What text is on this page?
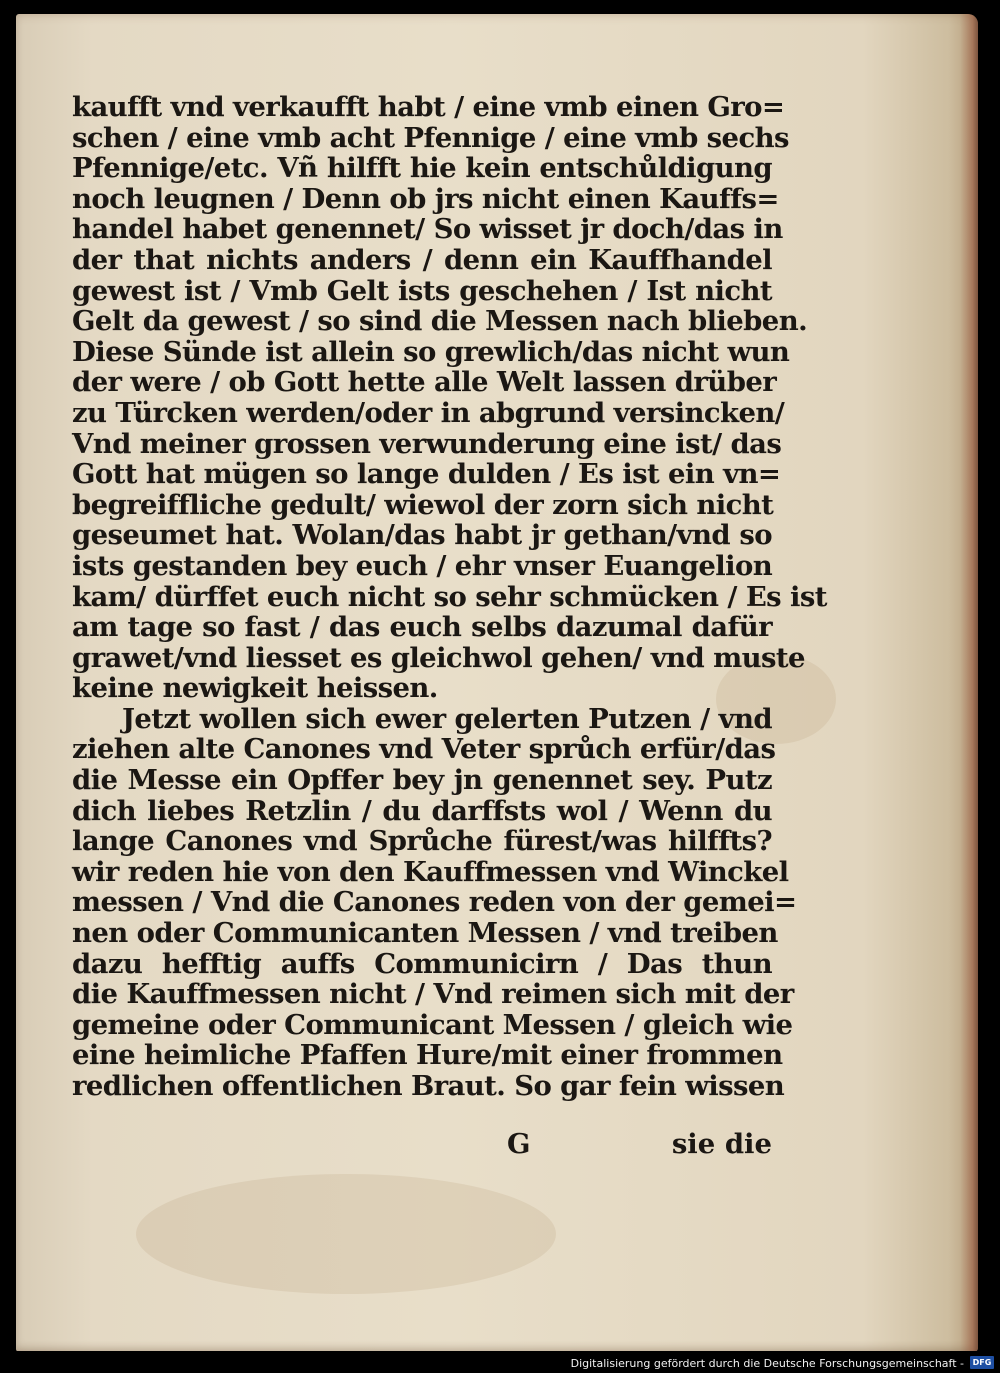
kaufft vnd verkaufft habt / eine vmb einen Gro=
schen / eine vmb acht Pfennige / eine vmb sechs
Pfennige/etc. Vñ hilfft hie kein entschůldigung
noch leugnen / Denn ob jrs nicht einen Kauffs=
handel habet genennet/ So wisset jr doch/das in
der that nichts anders / denn ein Kauffhandel
gewest ist / Vmb Gelt ists geschehen / Ist nicht
Gelt da gewest / so sind die Messen nach blieben.
Diese Sünde ist allein so grewlich/das nicht wun
der were / ob Gott hette alle Welt lassen drüber
zu Türcken werden/oder in abgrund versincken/
Vnd meiner grossen verwunderung eine ist/ das
Gott hat mügen so lange dulden / Es ist ein vn=
begreiffliche gedult/ wiewol der zorn sich nicht
geseumet hat. Wolan/das habt jr gethan/vnd so
ists gestanden bey euch / ehr vnser Euangelion
kam/ dürffet euch nicht so sehr schmücken / Es ist
am tage so fast / das euch selbs dazumal dafür
grawet/vnd liesset es gleichwol gehen/ vnd muste
keine newigkeit heissen.
Jetzt wollen sich ewer gelerten Putzen / vnd
ziehen alte Canones vnd Veter sprůch erfür/das
die Messe ein Opffer bey jn genennet sey. Putz
dich liebes Retzlin / du darffsts wol / Wenn du
lange Canones vnd Sprůche fürest/was hilffts?
wir reden hie von den Kauffmessen vnd Winckel
messen / Vnd die Canones reden von der gemei=
nen oder Communicanten Messen / vnd treiben
dazu hefftig auffs Communicirn / Das thun
die Kauffmessen nicht / Vnd reimen sich mit der
gemeine oder Communicant Messen / gleich wie
eine heimliche Pfaffen Hure/mit einer frommen
redlichen offentlichen Braut. So gar fein wissen
G	sie die
Digitalisierung gefördert durch die Deutsche Forschungsgemeinschaft -	DFG
